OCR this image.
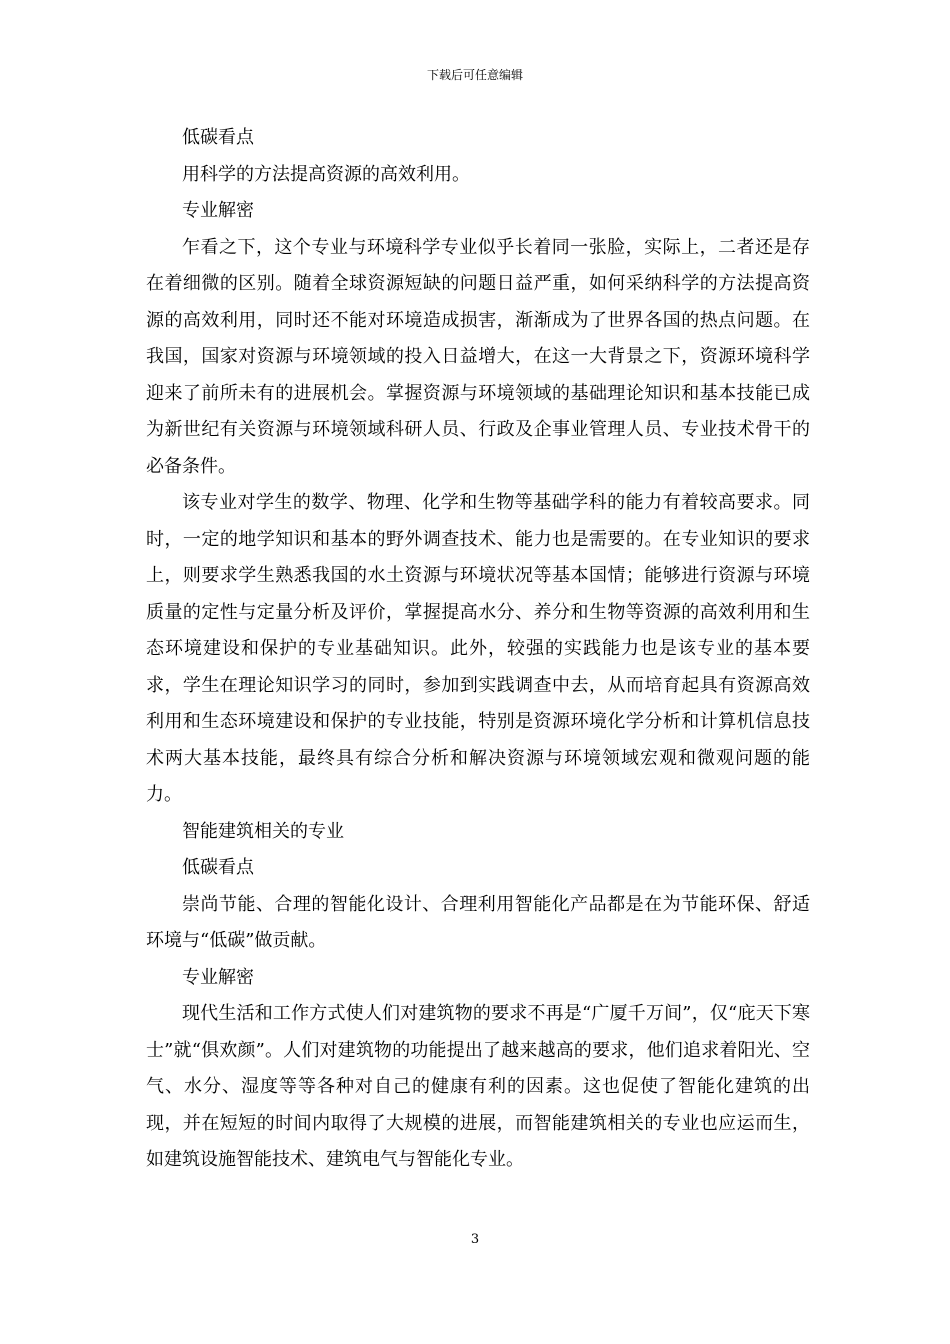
下载后可任意编辑

低碳看点

用科学的方法提高资源的高效利用。

专业解密

乍看之下，这个专业与环境科学专业似乎长着同一张脸，实际上，二者还是存在着细微的区别。随着全球资源短缺的问题日益严重，如何采纳科学的方法提高资源的高效利用，同时还不能对环境造成损害，渐渐成为了世界各国的热点问题。在我国，国家对资源与环境领域的投入日益增大，在这一大背景之下，资源环境科学迎来了前所未有的进展机会。掌握资源与环境领域的基础理论知识和基本技能已成为新世纪有关资源与环境领域科研人员、行政及企事业管理人员、专业技术骨干的必备条件。

该专业对学生的数学、物理、化学和生物等基础学科的能力有着较高要求。同时，一定的地学知识和基本的野外调查技术、能力也是需要的。在专业知识的要求上，则要求学生熟悉我国的水土资源与环境状况等基本国情；能够进行资源与环境质量的定性与定量分析及评价，掌握提高水分、养分和生物等资源的高效利用和生态环境建设和保护的专业基础知识。此外，较强的实践能力也是该专业的基本要求，学生在理论知识学习的同时，参加到实践调查中去，从而培育起具有资源高效利用和生态环境建设和保护的专业技能，特别是资源环境化学分析和计算机信息技术两大基本技能，最终具有综合分析和解决资源与环境领域宏观和微观问题的能力。

智能建筑相关的专业

低碳看点

崇尚节能、合理的智能化设计、合理利用智能化产品都是在为节能环保、舒适环境与“低碳”做贡献。

专业解密

现代生活和工作方式使人们对建筑物的要求不再是“广厦千万间”，仅“庇天下寒士”就“俱欢颜”。人们对建筑物的功能提出了越来越高的要求，他们追求着阳光、空气、水分、湿度等等各种对自己的健康有利的因素。这也促使了智能化建筑的出现，并在短短的时间内取得了大规模的进展，而智能建筑相关的专业也应运而生，如建筑设施智能技术、建筑电气与智能化专业。

3
